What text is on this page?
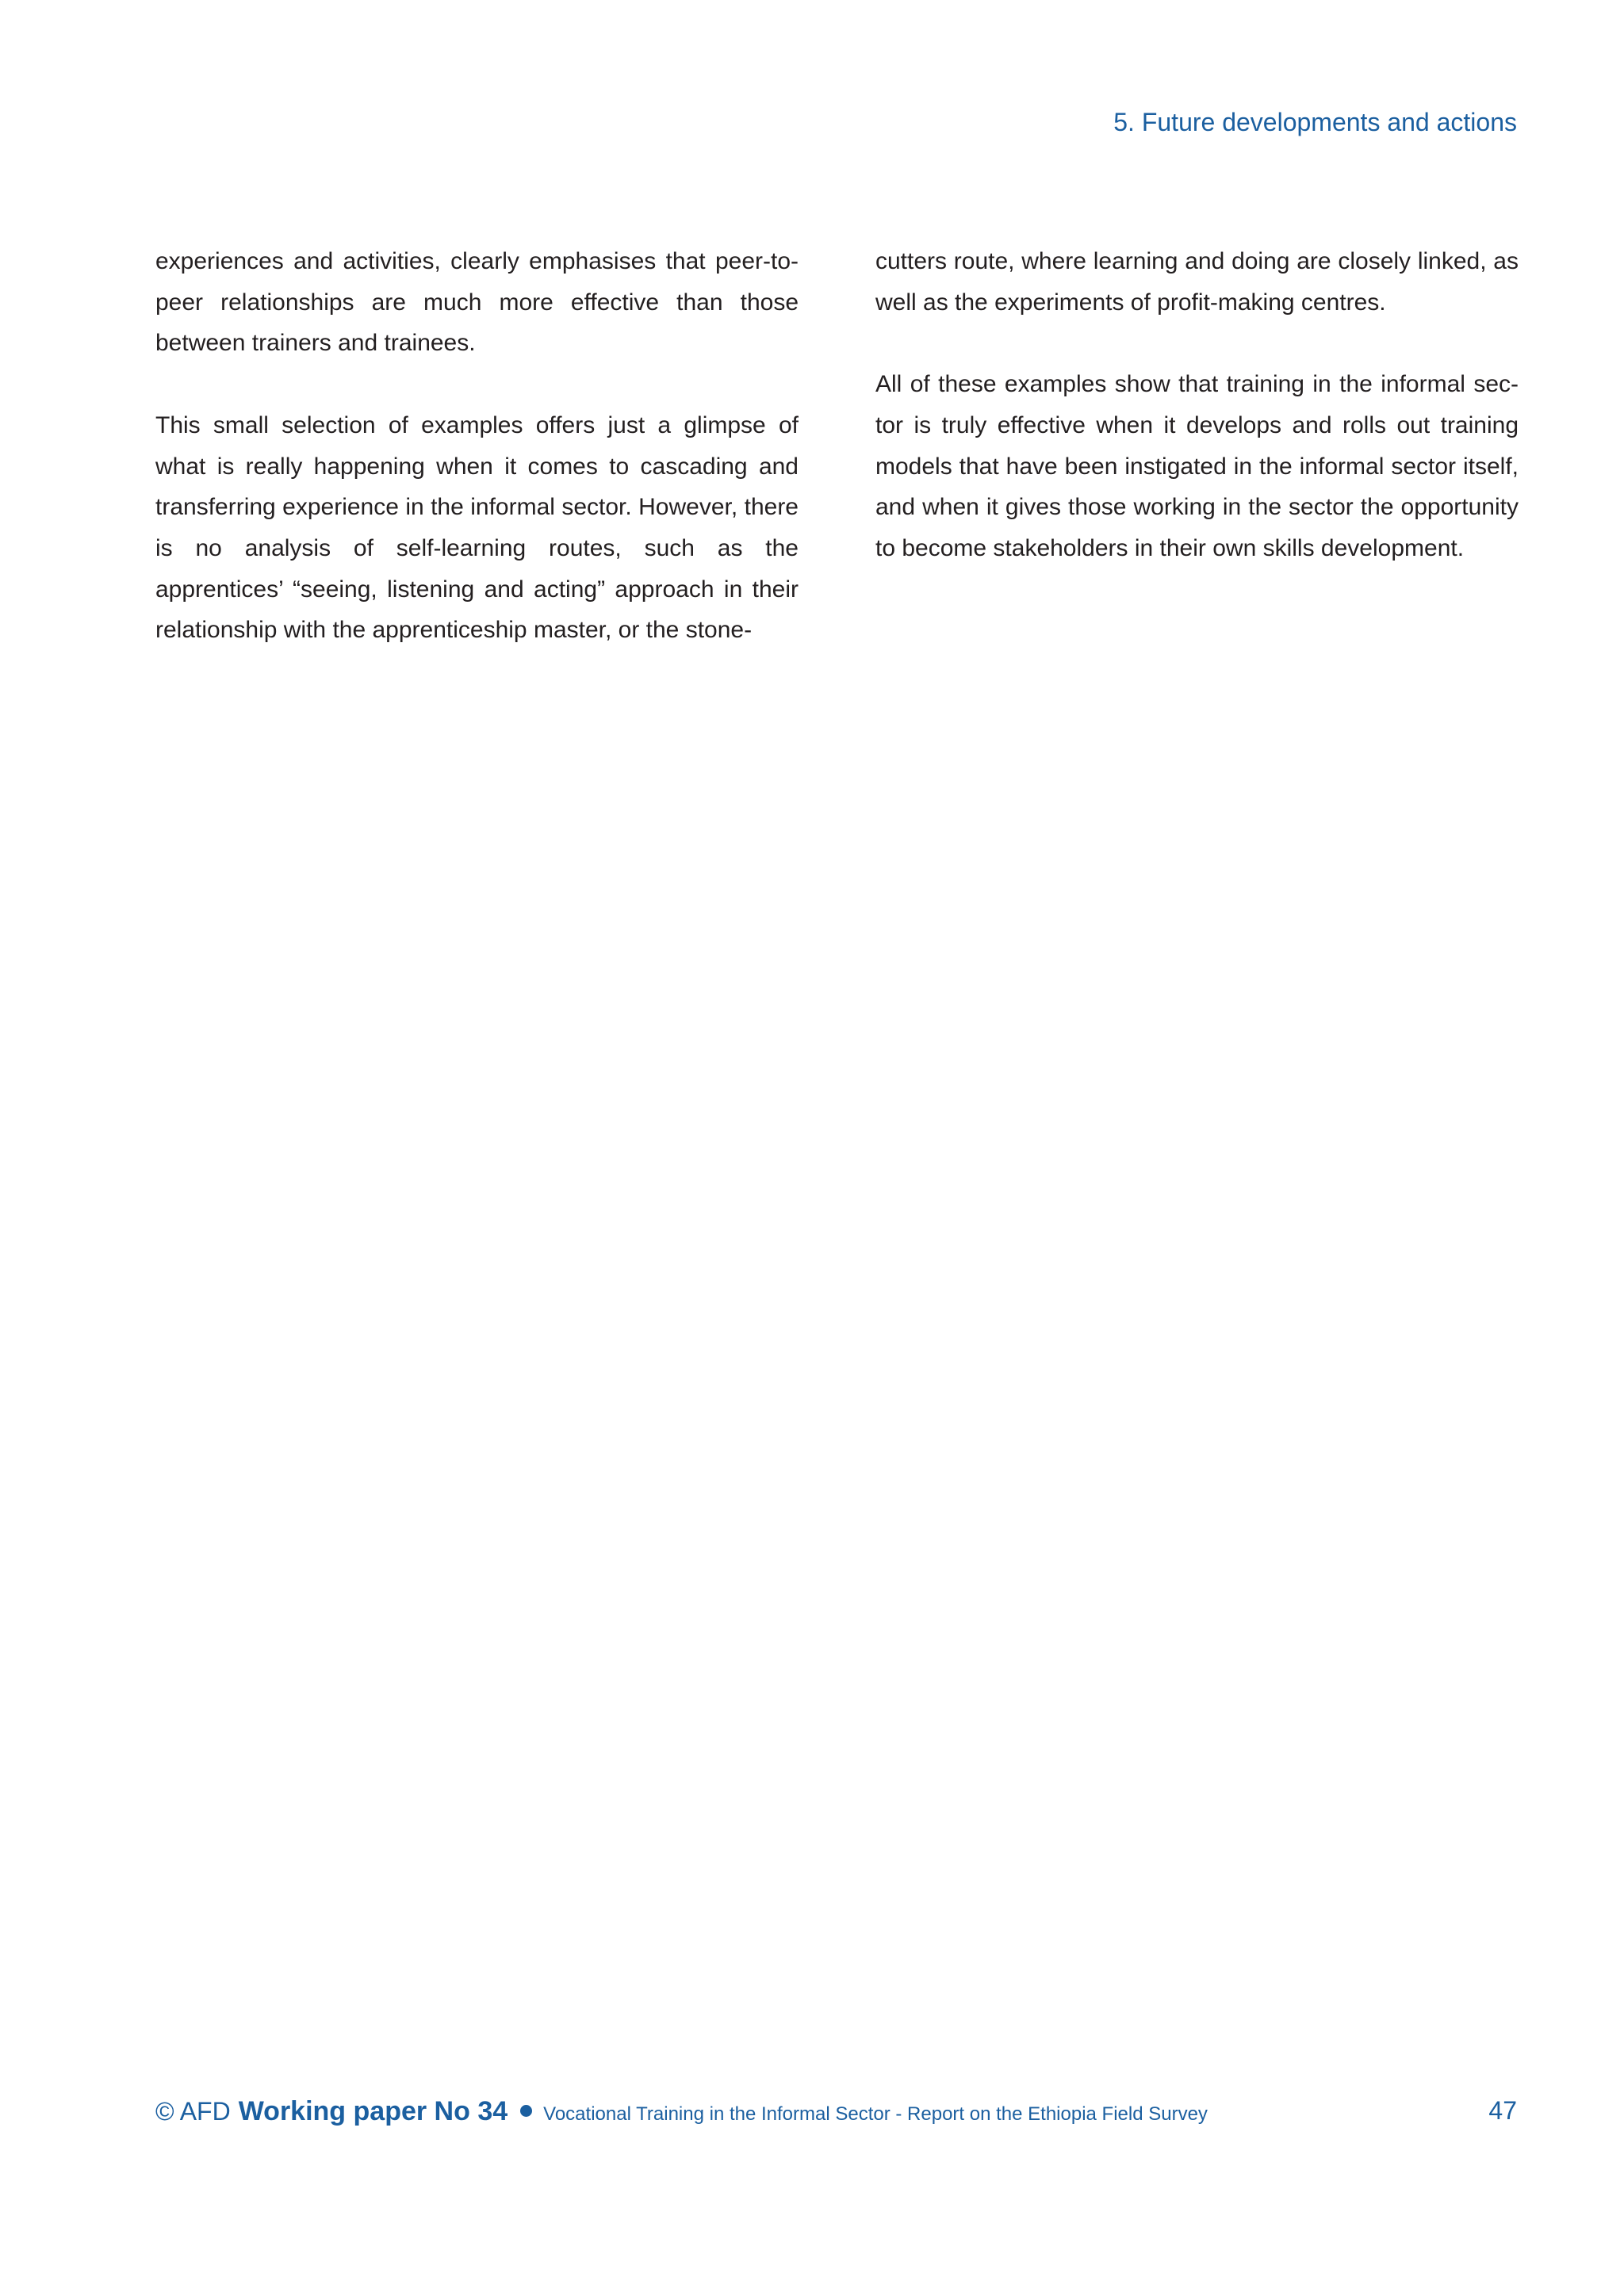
5. Future developments and actions

experiences and activities, clearly emphasises that peer-to-peer relationships are much more effective than those between trainers and trainees.

This small selection of examples offers just a glimpse of what is really happening when it comes to cascading and transferring experience in the informal sector. However, there is no analysis of self-learning routes, such as the apprentices’ “seeing, listening and acting” approach in their relationship with the apprenticeship master, or the stone-

cutters route, where learning and doing are closely linked, as well as the experiments of profit-making centres.

All of these examples show that training in the informal sec-tor is truly effective when it develops and rolls out training models that have been instigated in the informal sector itself, and when it gives those working in the sector the opportunity to become stakeholders in their own skills development.

© AFD Working paper No 34 Vocational Training in the Informal Sector - Report on the Ethiopia Field Survey	47
